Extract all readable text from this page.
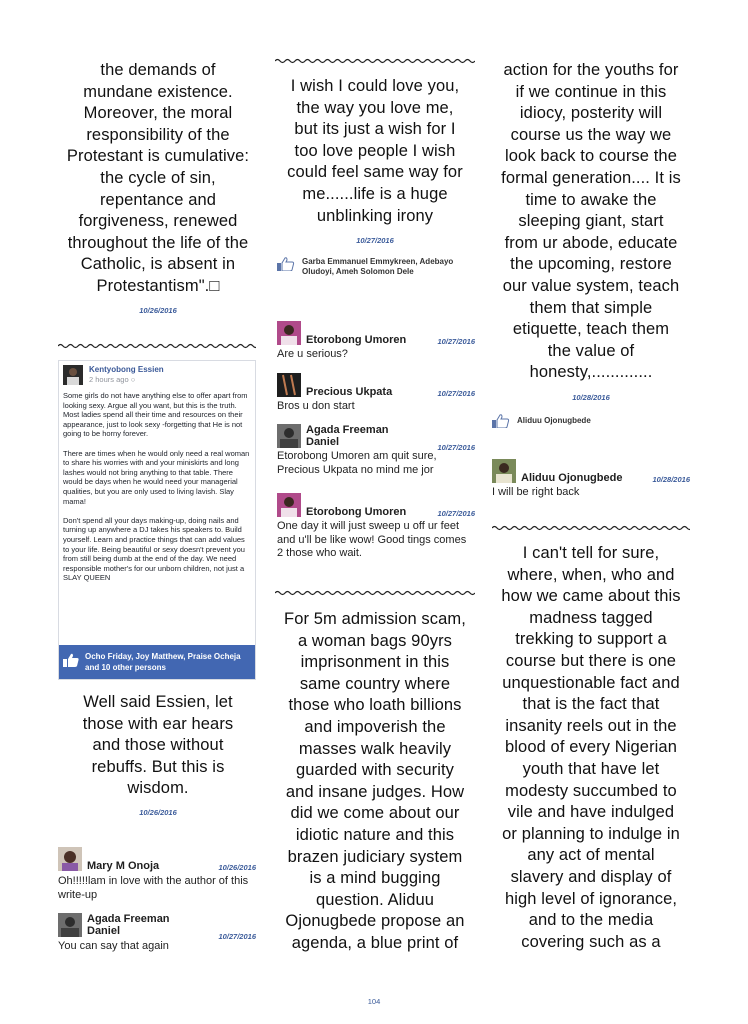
the demands of
mundane existence.
Moreover, the moral
responsibility of the
Protestant is cumulative:
the cycle of sin,
repentance and
forgiveness, renewed
throughout the life of the
Catholic, is absent in
Protestantism".□
10/26/2016
Kentyobong Essien
2 hours ago ○

Some girls do not have anything else to offer apart from looking sexy. Argue all you want, but this is the truth. Most ladies spend all their time and resources on their appearance, just to look sexy -forgetting that He is not going to be horny forever.

There are times when he would only need a real woman to share his worries with and your miniskirts and long lashes would not bring anything to that table. There would be days when he would need your managerial qualities, but you are only used to living lavish. Slay mama!

Don't spend all your days making-up, doing nails and turning up anywhere a DJ takes his speakers to. Build yourself. Learn and practice things that can add values to your life. Being beautiful or sexy doesn't prevent you from still being dumb at the end of the day. We need responsible mother's for our unborn children, not just a SLAY QUEEN

Ocho Friday, Joy Matthew, Praise Ocheja and 10 other persons
Well said Essien, let
those with ear hears
and those without
rebuffs. But this is
wisdom.
10/26/2016
Mary M Onoja	10/26/2016
Oh!!!!!lam in love with the author of this write-up
Agada Freeman Daniel	10/27/2016
You can say that again
I wish I could love you,
the way you love me,
but its just a wish for I
too love people I wish
could feel same way for
me......life is a huge
unblinking irony
10/27/2016
Garba Emmanuel Emmykreen, Adebayo Oludoyi, Ameh Solomon Dele
Etorobong Umoren	10/27/2016
Are u serious?
Precious Ukpata	10/27/2016
Bros u don start
Agada Freeman Daniel	10/27/2016
Etorobong Umoren am quit sure, Precious Ukpata no mind me jor
Etorobong Umoren	10/27/2016
One day it will just sweep u off ur feet and u'll be like wow! Good tings comes 2 those who wait.
For 5m admission scam,
a woman bags 90yrs
imprisonment in this
same country where
those who loath billions
and impoverish the
masses walk heavily
guarded with security
and insane judges. How
did we come about our
idiotic nature and this
brazen judiciary system
is a mind bugging
question. Aliduu
Ojonugbede propose an
agenda, a blue print of
action for the youths for
if we continue in this
idiocy, posterity will
course us the way we
look back to course the
formal generation.... It is
time to awake the
sleeping giant, start
from ur abode, educate
the upcoming, restore
our value system, teach
them that simple
etiquette, teach them
the value of
honesty,.............
10/28/2016
Aliduu Ojonugbede
Aliduu Ojonugbede	10/28/2016
I will be right back
I can't tell for sure,
where, when, who and
how we came about this
madness tagged
trekking to support a
course but there is one
unquestionable fact and
that is the fact that
insanity reels out in the
blood of every Nigerian
youth that have let
modesty succumbed to
vile and have indulged
or planning to indulge in
any act of mental
slavery and display of
high level of ignorance,
and to the media
covering such as a
104
